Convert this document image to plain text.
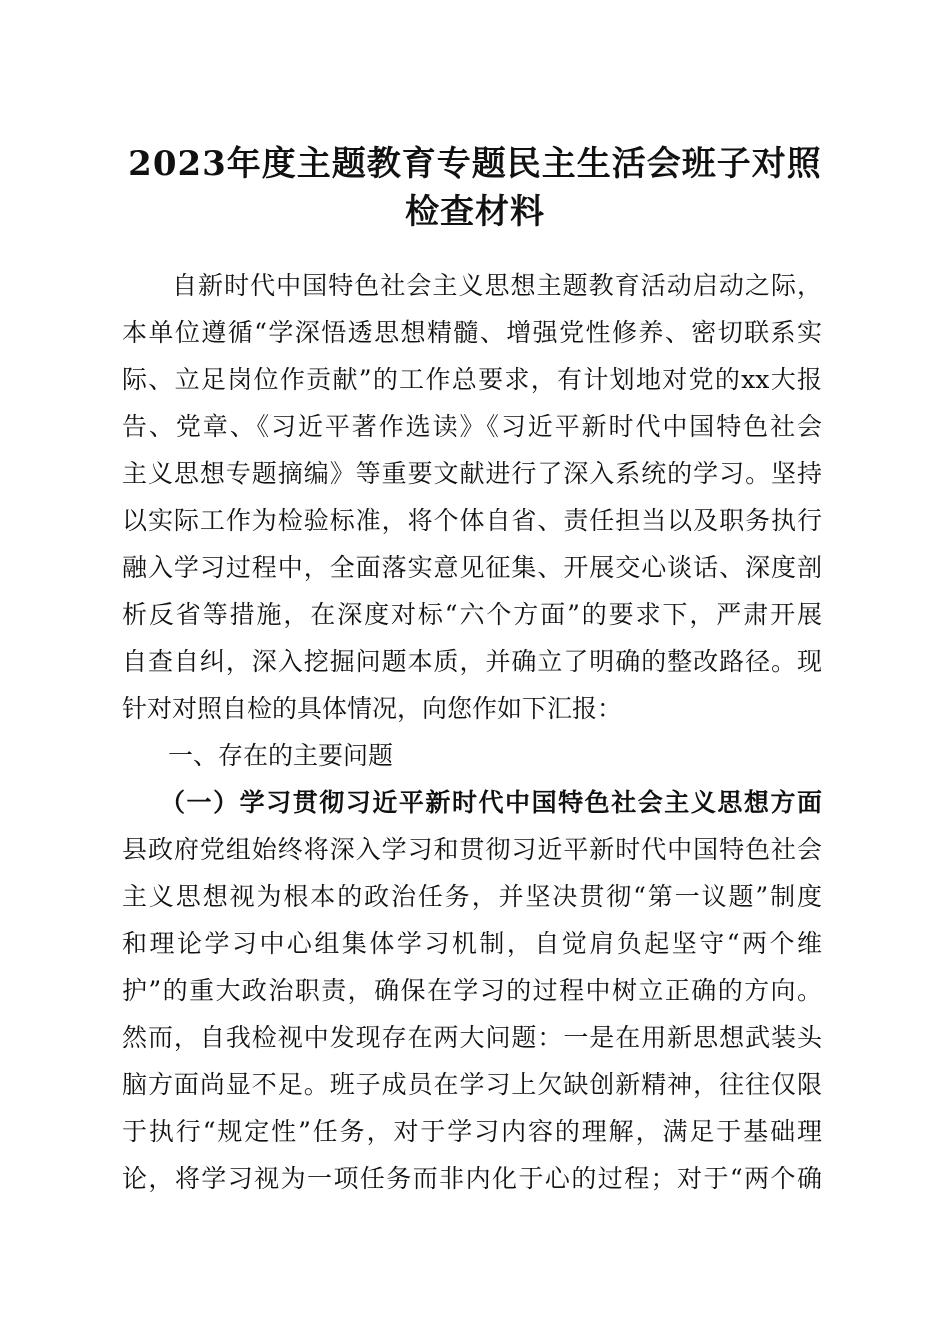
2023年度主题教育专题民主生活会班子对照
检查材料
自新时代中国特色社会主义思想主题教育活动启动之际，
本单位遵循“学深悟透思想精髓、增强党性修养、密切联系实
际、立足岗位作贡献”的工作总要求，有计划地对党的xx大报
告、党章、《习近平著作选读》《习近平新时代中国特色社会
主义思想专题摘编》等重要文献进行了深入系统的学习。坚持
以实际工作为检验标准，将个体自省、责任担当以及职务执行
融入学习过程中，全面落实意见征集、开展交心谈话、深度剖
析反省等措施，在深度对标“六个方面”的要求下，严肃开展
自查自纠，深入挖掘问题本质，并确立了明确的整改路径。现
针对对照自检的具体情况，向您作如下汇报：
一、存在的主要问题
（一）学习贯彻习近平新时代中国特色社会主义思想方面
县政府党组始终将深入学习和贯彻习近平新时代中国特色社会
主义思想视为根本的政治任务，并坚决贯彻“第一议题”制度
和理论学习中心组集体学习机制，自觉肩负起坚守“两个维
护”的重大政治职责，确保在学习的过程中树立正确的方向。
然而，自我检视中发现存在两大问题：一是在用新思想武装头
脑方面尚显不足。班子成员在学习上欠缺创新精神，往往仅限
于执行“规定性”任务，对于学习内容的理解，满足于基础理
论，将学习视为一项任务而非内化于心的过程；对于“两个确
